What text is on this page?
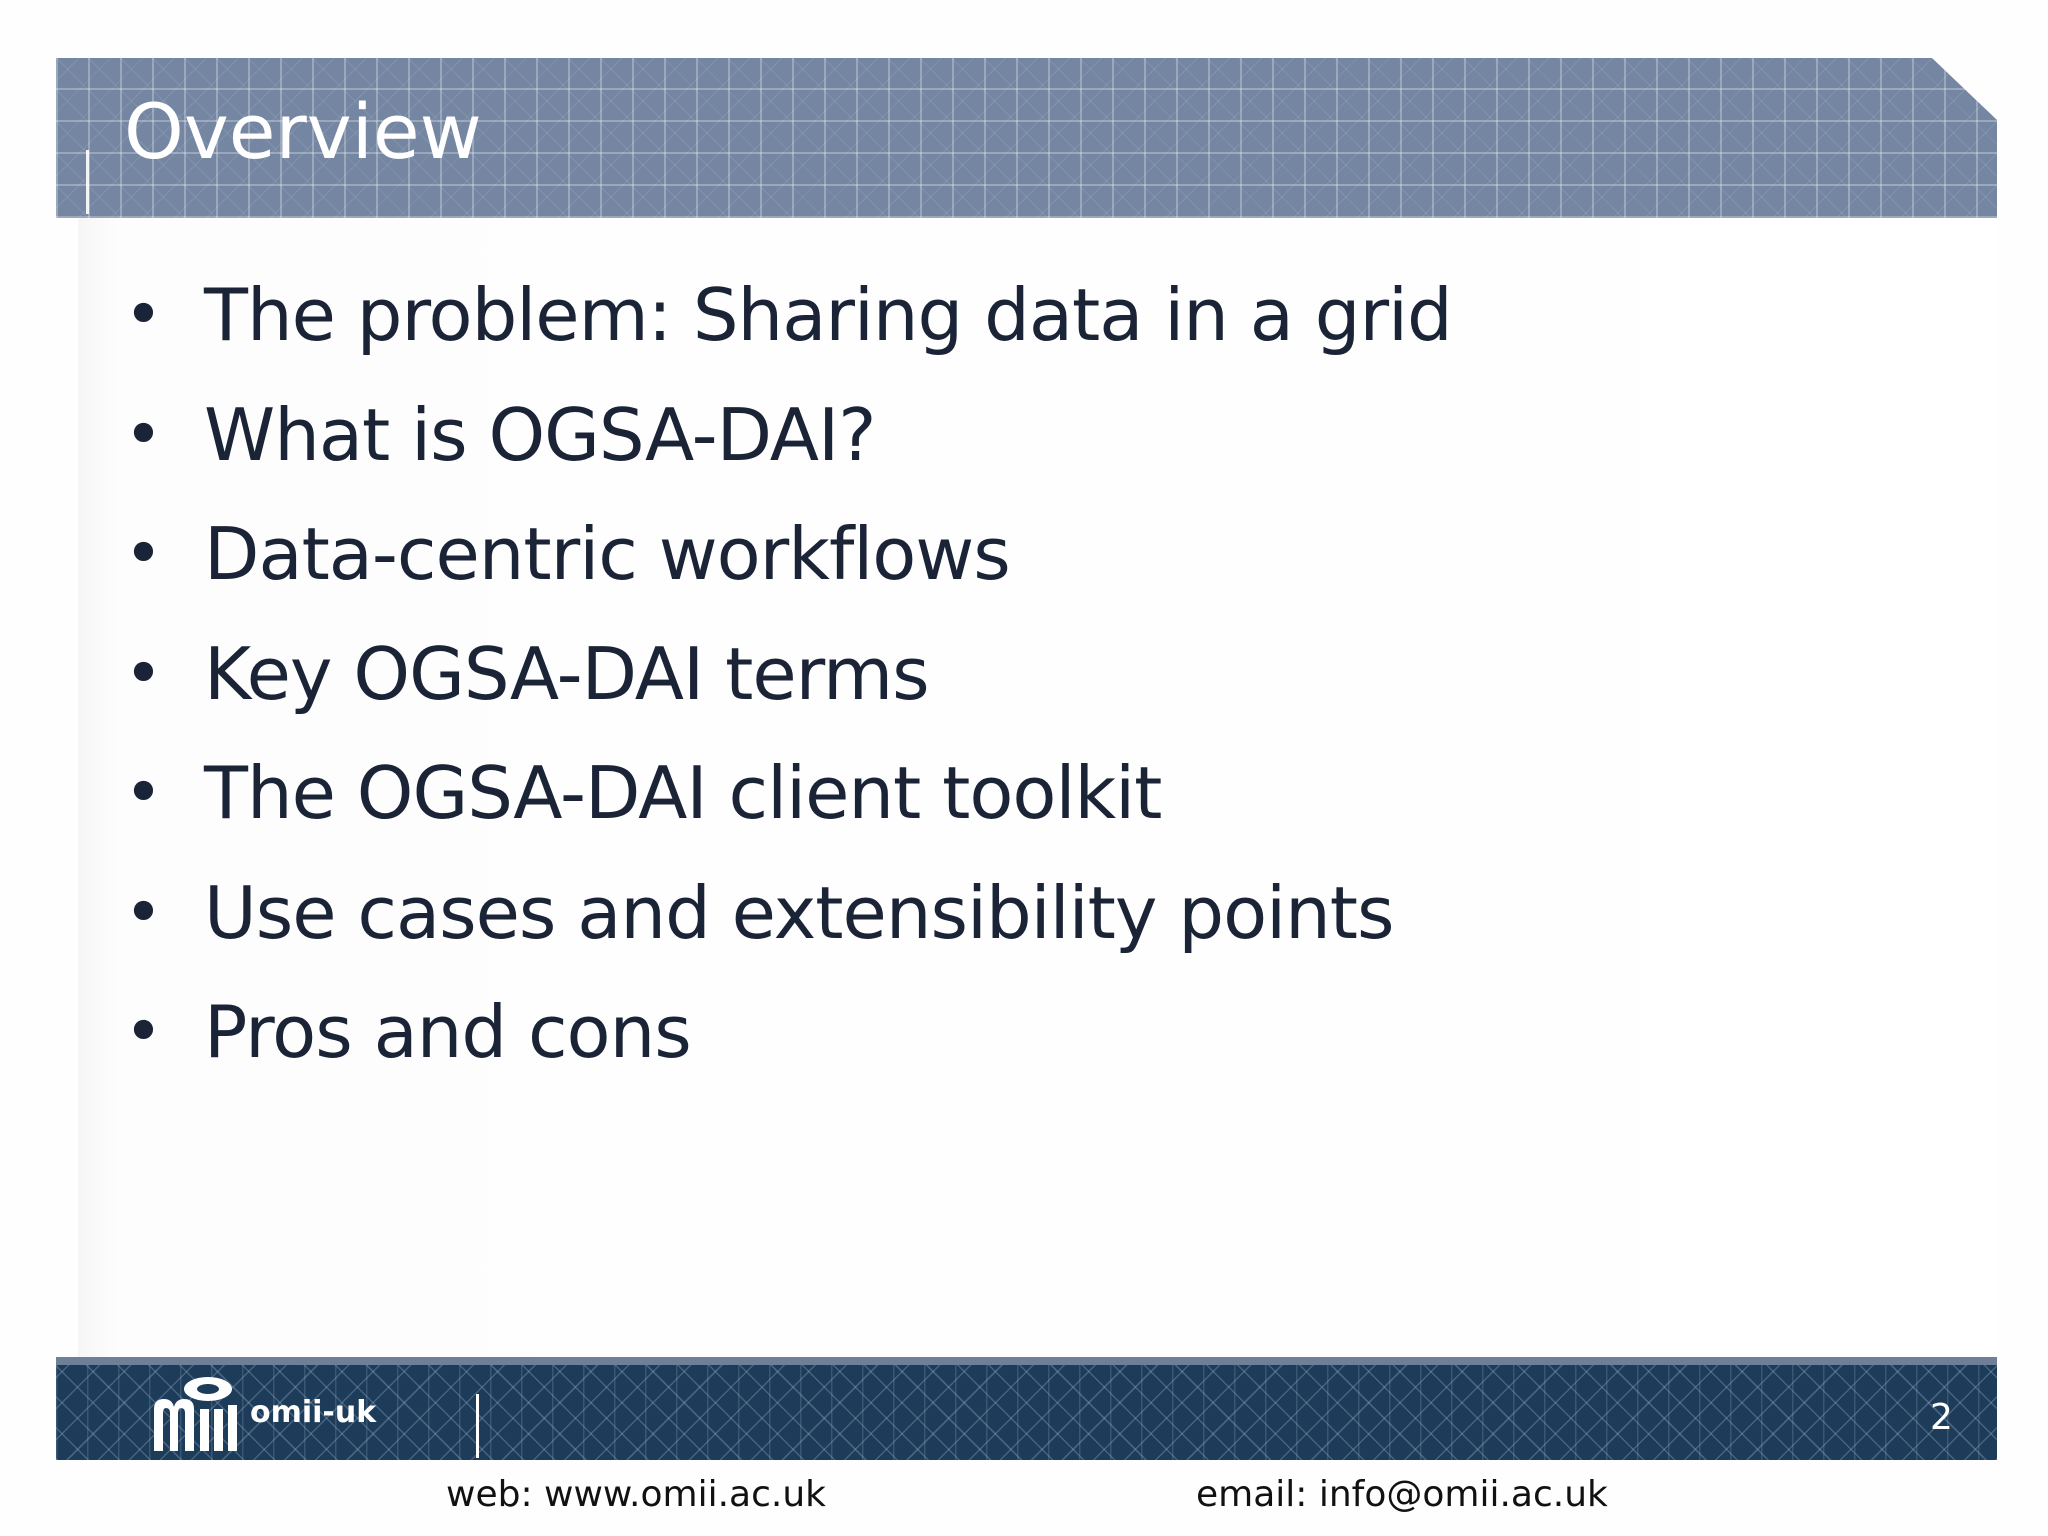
Overview
• The problem: Sharing data in a grid
• What is OGSA-DAI?
• Data-centric workflows
• Key OGSA-DAI terms
• The OGSA-DAI client toolkit
• Use cases and extensibility points
• Pros and cons
omii-uk	2
web: www.omii.ac.uk	email: info@omii.ac.uk
